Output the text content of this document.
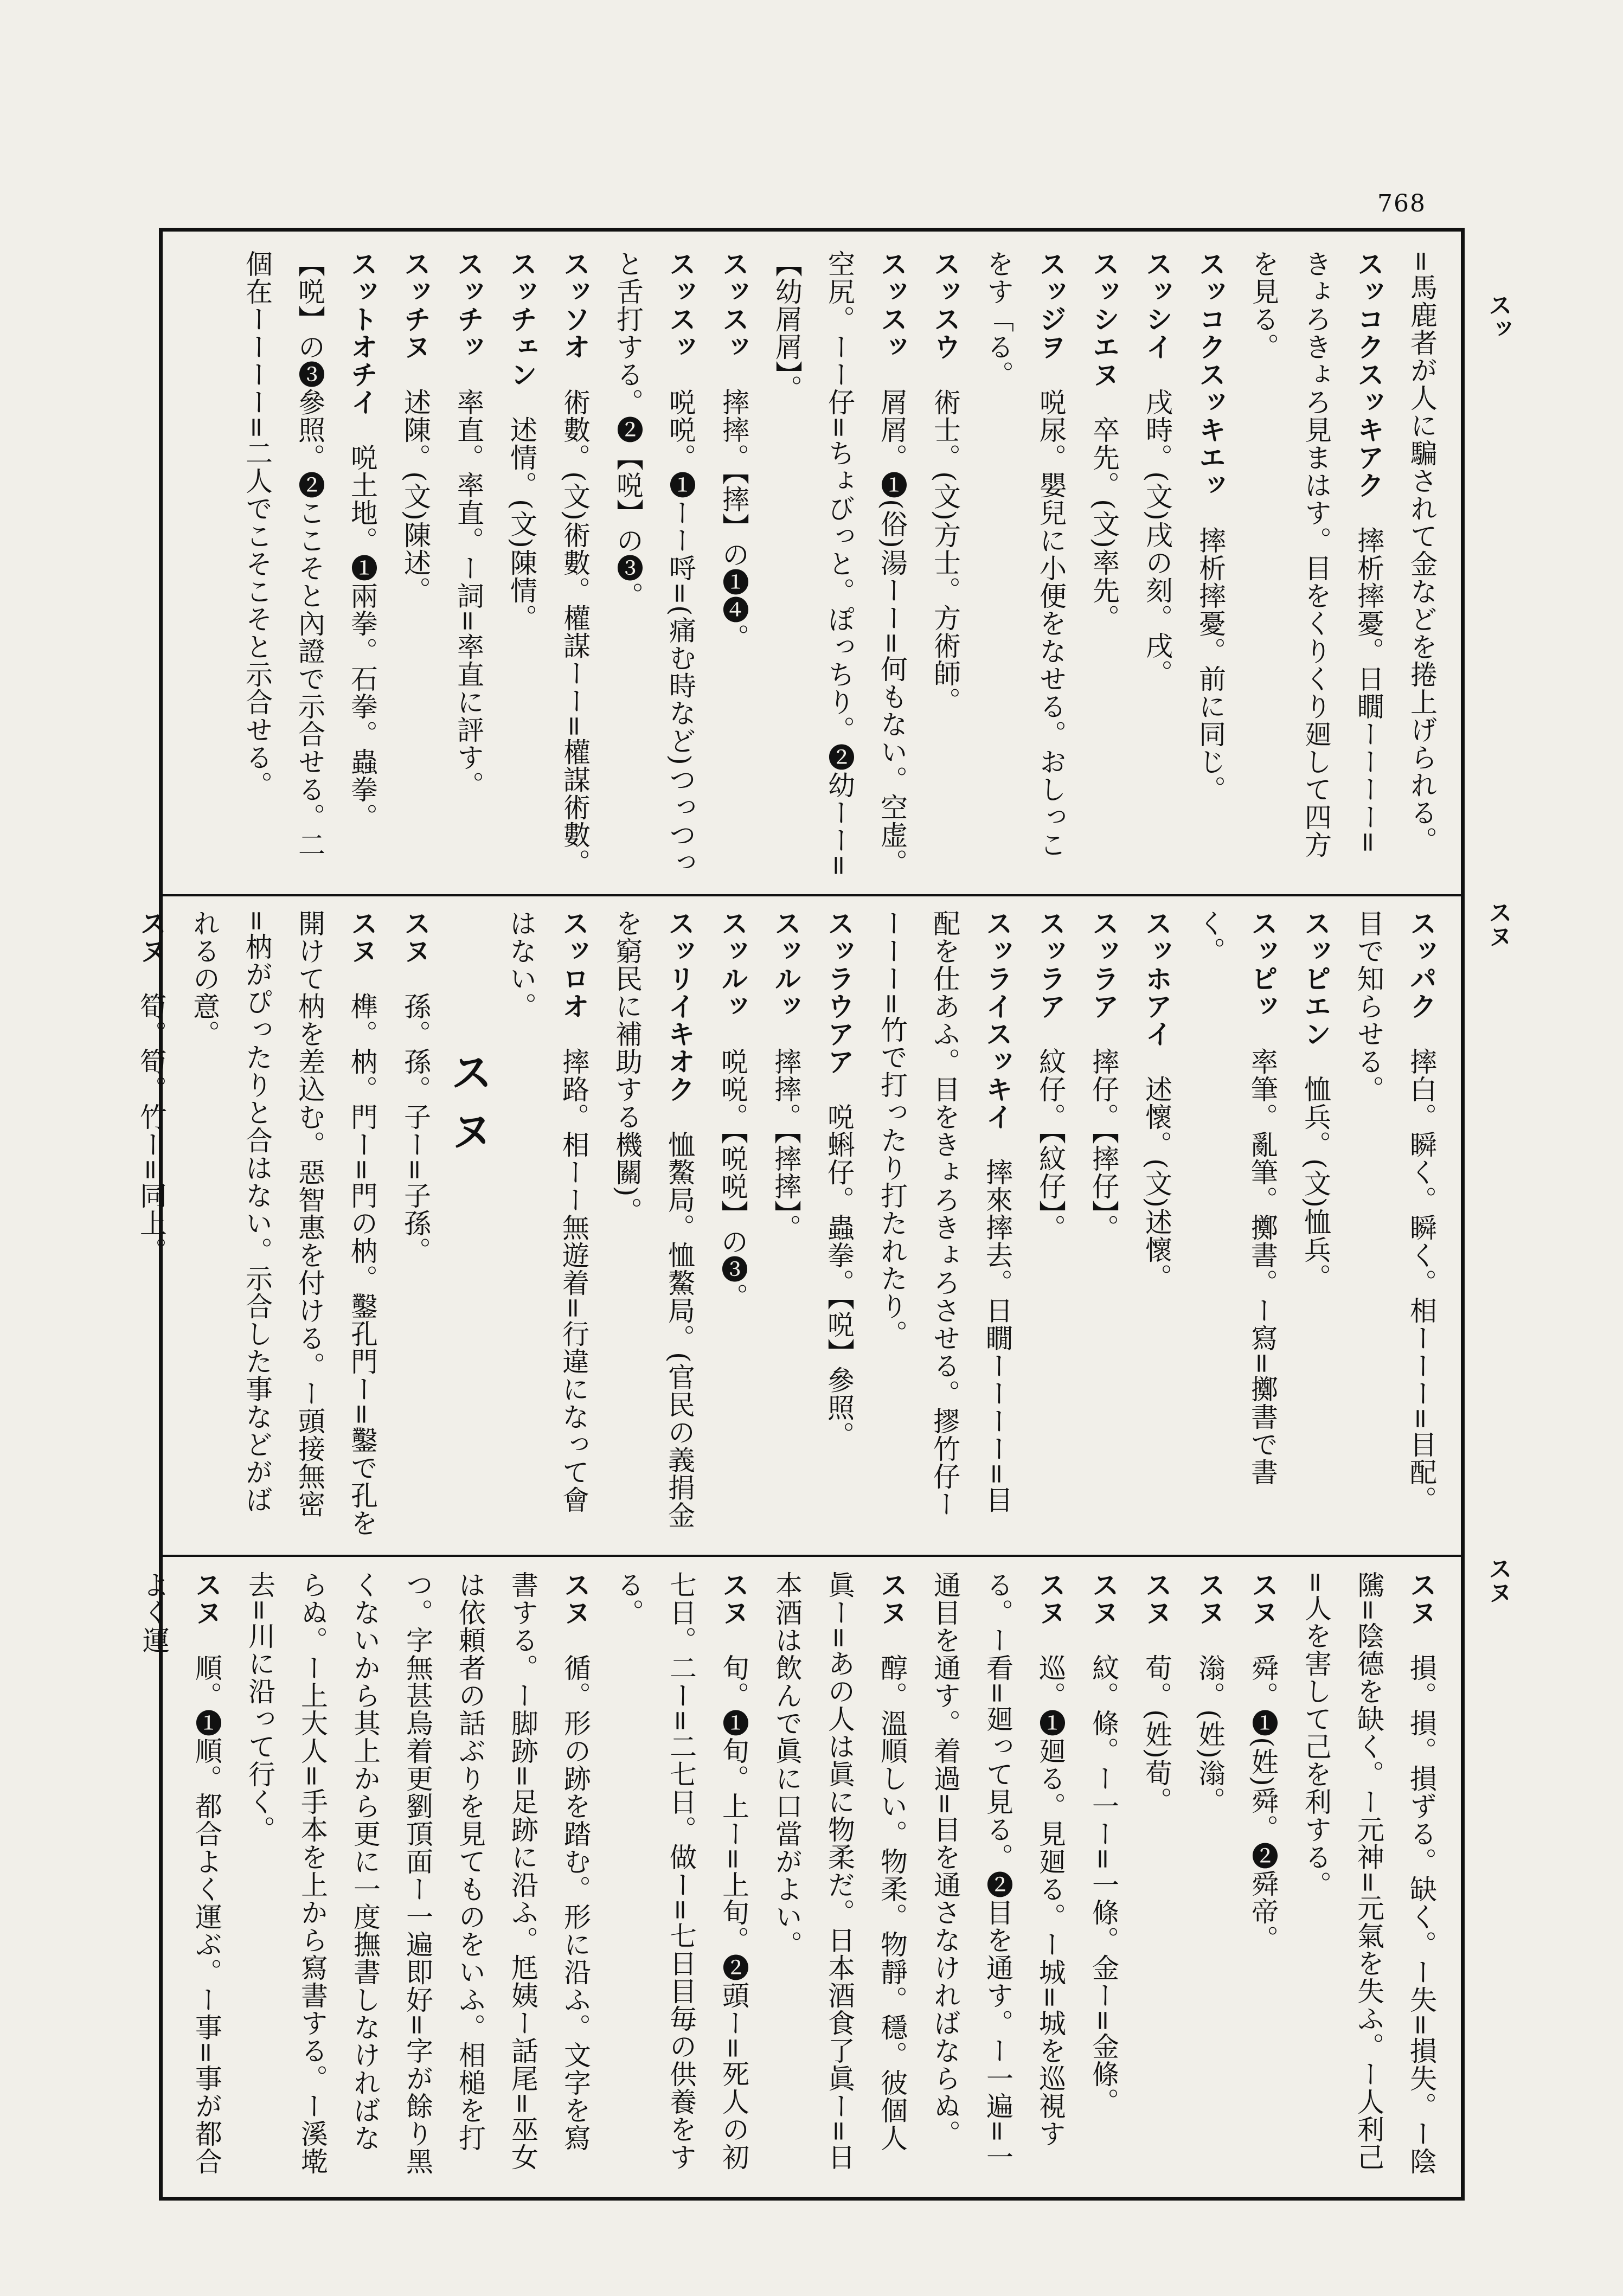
768
スッ
スヌ
スヌ
=馬鹿者が人に騙されて金などを捲上げられる。
スッコクスッキアク　摔析摔憂。日瞯ーーーー=きょろきょろ見まはす。目をくりくり廻して四方を見る。
スッコクスッキエッ　摔析摔憂。前に同じ。
スッシイ　戌時。(文)戌の刻。戌。
スッシエヌ　卒先。(文)率先。
スッジヲ　哾尿。嬰兒に小便をなせる。おしっこをす「る。
スッスウ　術士。(文)方士。方術師。
スッスッ　屑屑。❶(俗)湯ーー=何もない。空虚。空尻。ーー仔=ちょびっと。ぽっちり。❷幼ーー=【幼屑屑】。
スッスッ　摔摔。【摔】の❶❹。
スッスッ　哾哾。❶ーー哷=(痛む時など)つっつっと舌打する。❷【哾】の❸。
スッソオ　術數。(文)術數。權謀ーー=權謀術數。
スッチェン　述情。(文)陳情。
スッチッ　率直。率直。ー詞=率直に評す。
スッチヌ　述陳。(文)陳述。
スットオチイ　哾土地。❶兩拳。石拳。蟲拳。【哾】の❸參照。❷ここそと內證で示合せる。二個在ーーーー=二人でこそこそと示合せる。
スッパク　摔白。瞬く。瞬く。相ーーー=目配。目で知らせる。
スッピエン　恤兵。(文)恤兵。
スッピッ　率筆。亂筆。擲書。ー寫=擲書で書く。
スッホアイ　述懷。(文)述懷。
スッラア　摔仔。【摔仔】。
スッラア　紋仔。【紋仔】。
スッライスッキイ　摔來摔去。日瞯ーーーー=目配を仕あふ。目をきょろきょろさせる。摎竹仔ーーーー=竹で打ったり打たれたり。
スッラウアア　哾蝌仔。蟲拳。【哾】參照。
スッルッ　摔摔。【摔摔】。
スッルッ　哾哾。【哾哾】の❸。
スッリイキオク　恤鰲局。恤鰲局。(官民の義捐金を窮民に補助する機關)。
スッロオ　摔路。相ーー無遊着=行違になって會はない。
スヌ
スヌ　孫。孫。子ー=子孫。
スヌ　榫。枘。門ー=門の枘。鑿孔門ー=鑿で孔を開けて枘を差込む。惡智惠を付ける。ー頭接無密=枘がぴったりと合はない。示合した事などがばれるの意。
スヌ　筍。筍。竹ー=同上。
スヌ　損。損。損ずる。缺く。ー失=損失。ー陰隲=陰德を缺く。ー元神=元氣を失ふ。ー人利己=人を害して己を利する。
スヌ　舜。❶(姓)舜。❷舜帝。
スヌ　滃。(姓)滃。
スヌ　荀。(姓)荀。
スヌ　紋。條。ー一ー=一條。金ー=金條。
スヌ　巡。❶廻る。見廻る。ー城=城を巡視する。ー看=廻って見る。❷目を通す。ー一遍=一通目を通す。着過=目を通さなければならぬ。
スヌ　醇。溫順しい。物柔。物靜。穩。彼個人眞ー=あの人は眞に物柔だ。日本酒食了眞ー=日本酒は飲んで眞に口當がよい。
スヌ　旬。❶旬。上ー=上旬。❷頭ー=死人の初七日。二ー=二七日。做ー=七日目毎の供養をする。
スヌ　循。形の跡を踏む。形に沿ふ。文字を寫書する。ー脚跡=足跡に沿ふ。尪姨ー話尾=巫女は依頼者の話ぶりを見てものをいふ。相槌を打つ。字無甚烏着更劉頂面ー一遍即好=字が餘り黑くないから其上から更に一度撫書しなければならぬ。ー上大人=手本を上から寫書する。ー溪墘去=川に沿って行く。
スヌ　順。❶順。都合よく運ぶ。ー事=事が都合よく運
